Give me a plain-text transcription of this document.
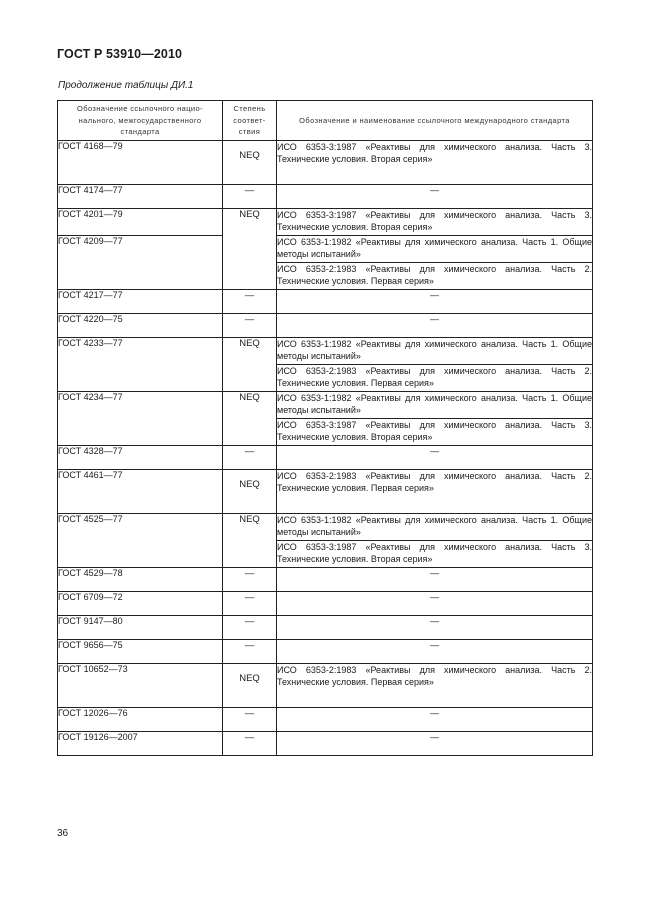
ГОСТ Р 53910—2010
Продолжение таблицы ДИ.1
Обозначение ссылочного нацио-нального, межгосударственного стандарта	Степень соответ-ствия	Обозначение и наименование ссылочного международного стандарта
ГОСТ 4168—79	NEQ	ИСО 6353-3:1987 «Реактивы для химического анализа. Часть 3. Технические условия. Вторая серия»
ГОСТ 4174—77	—	—
ГОСТ 4201—79	NEQ	ИСО 6353-3:1987 «Реактивы для химического анализа. Часть 3. Технические условия. Вторая серия»
ГОСТ 4209—77		ИСО 6353-1:1982 «Реактивы для химического анализа. Часть 1. Общие методы испытаний»
		ИСО 6353-2:1983 «Реактивы для химического анализа. Часть 2. Технические условия. Первая серия»
ГОСТ 4217—77	—	—
ГОСТ 4220—75	—	—
ГОСТ 4233—77	NEQ	ИСО 6353-1:1982 «Реактивы для химического анализа. Часть 1. Общие методы испытаний»
		ИСО 6353-2:1983 «Реактивы для химического анализа. Часть 2. Технические условия. Первая серия»
ГОСТ 4234—77	NEQ	ИСО 6353-1:1982 «Реактивы для химического анализа. Часть 1. Общие методы испытаний»
		ИСО 6353-3:1987 «Реактивы для химического анализа. Часть 3. Технические условия. Вторая серия»
ГОСТ 4328—77	—	—
ГОСТ 4461—77	NEQ	ИСО 6353-2:1983 «Реактивы для химического анализа. Часть 2. Технические условия. Первая серия»
ГОСТ 4525—77	NEQ	ИСО 6353-1:1982 «Реактивы для химического анализа. Часть 1. Общие методы испытаний»
		ИСО 6353-3:1987 «Реактивы для химического анализа. Часть 3. Технические условия. Вторая серия»
ГОСТ 4529—78	—	—
ГОСТ 6709—72	—	—
ГОСТ 9147—80	—	—
ГОСТ 9656—75	—	—
ГОСТ 10652—73	NEQ	ИСО 6353-2:1983 «Реактивы для химического анализа. Часть 2. Технические условия. Первая серия»
ГОСТ 12026—76	—	—
ГОСТ 19126—2007	—	—
36
